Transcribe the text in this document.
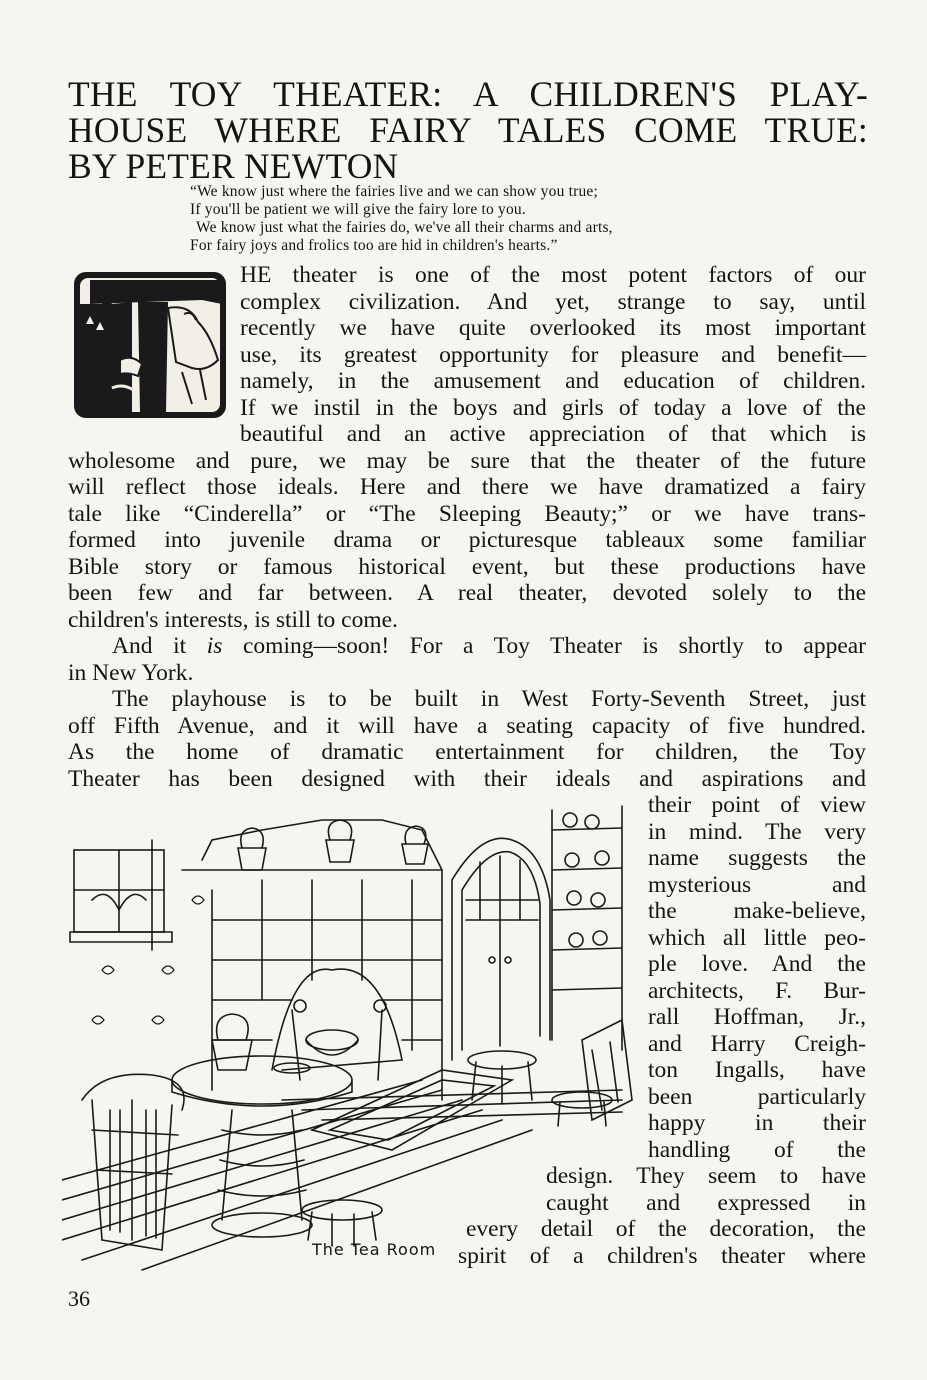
THE TOY THEATER: A CHILDREN'S PLAY-
HOUSE WHERE FAIRY TALES COME TRUE:
BY PETER NEWTON
“We know just where the fairies live and we can show you true;
If you'll be patient we will give the fairy lore to you.
We know just what the fairies do, we've all their charms and arts,
For fairy joys and frolics too are hid in children's hearts.”
HE theater is one of the most potent factors of our
complex civilization. And yet, strange to say, until
recently we have quite overlooked its most important
use, its greatest opportunity for pleasure and benefit—
namely, in the amusement and education of children.
If we instil in the boys and girls of today a love of the
beautiful and an active appreciation of that which is
wholesome and pure, we may be sure that the theater of the future
will reflect those ideals. Here and there we have dramatized a fairy
tale like “Cinderella” or “The Sleeping Beauty;” or we have trans-
formed into juvenile drama or picturesque tableaux some familiar
Bible story or famous historical event, but these productions have
been few and far between. A real theater, devoted solely to the
children's interests, is still to come.
And it is coming—soon! For a Toy Theater is shortly to appear
in New York.
The playhouse is to be built in West Forty-Seventh Street, just
off Fifth Avenue, and it will have a seating capacity of five hundred.
As the home of dramatic entertainment for children, the Toy
Theater has been designed with their ideals and aspirations and
their point of view
in mind. The very
name suggests the
mysterious and
the make-believe,
which all little peo-
ple love. And the
architects, F. Bur-
rall Hoffman, Jr.,
and Harry Creigh-
ton Ingalls, have
been particularly
happy in their
handling of the
design. They seem to have
caught and expressed in
every detail of the decoration, the
spirit of a children's theater where
The Tea Room
36
